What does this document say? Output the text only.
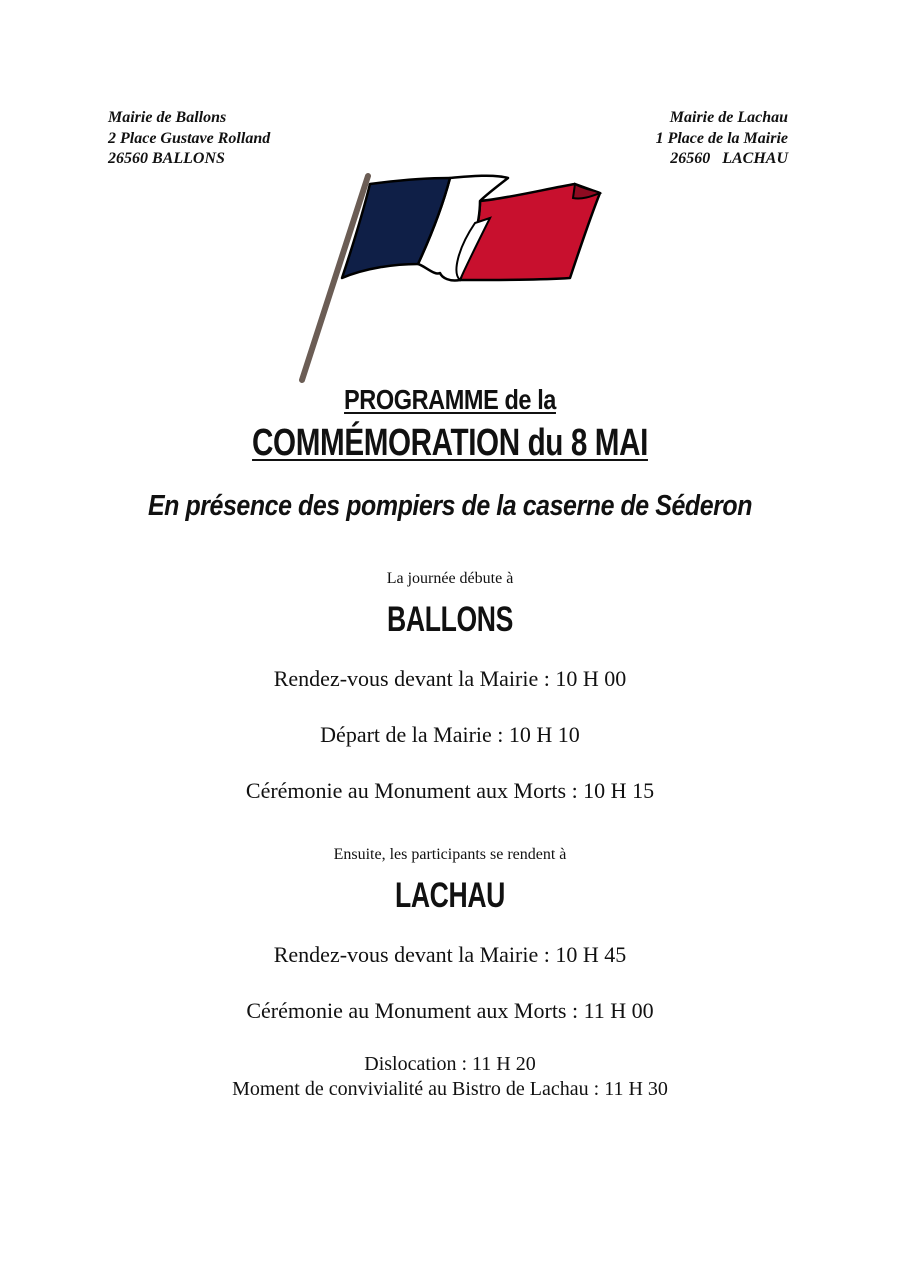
Mairie de Ballons
2 Place Gustave Rolland
26560 BALLONS
Mairie de Lachau
1 Place de la Mairie
26560   LACHAU
PROGRAMME de la
COMMÉMORATION du 8 MAI
En présence des pompiers de la caserne de Séderon
La journée débute à
BALLONS
Rendez-vous devant la Mairie : 10 H 00
Départ de la Mairie : 10 H 10
Cérémonie au Monument aux Morts : 10 H 15
Ensuite, les participants se rendent à
LACHAU
Rendez-vous devant la Mairie : 10 H 45
Cérémonie au Monument aux Morts : 11 H 00
Dislocation : 11 H 20
Moment de convivialité au Bistro de Lachau : 11 H 30
